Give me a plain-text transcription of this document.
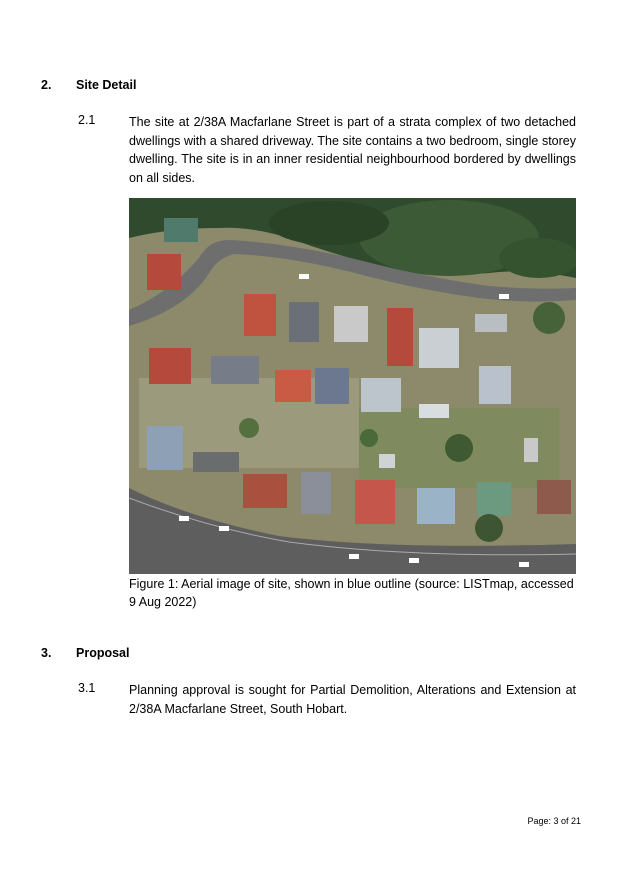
2. Site Detail
2.1	The site at 2/38A Macfarlane Street is part of a strata complex of two detached dwellings with a shared driveway. The site contains a two bedroom, single storey dwelling. The site is in an inner residential neighbourhood bordered by dwellings on all sides.
Figure 1: Aerial image of site, shown in blue outline (source: LISTmap, accessed 9 Aug 2022)
3. Proposal
3.1	Planning approval is sought for Partial Demolition, Alterations and Extension at 2/38A Macfarlane Street, South Hobart.
Page: 3 of 21
